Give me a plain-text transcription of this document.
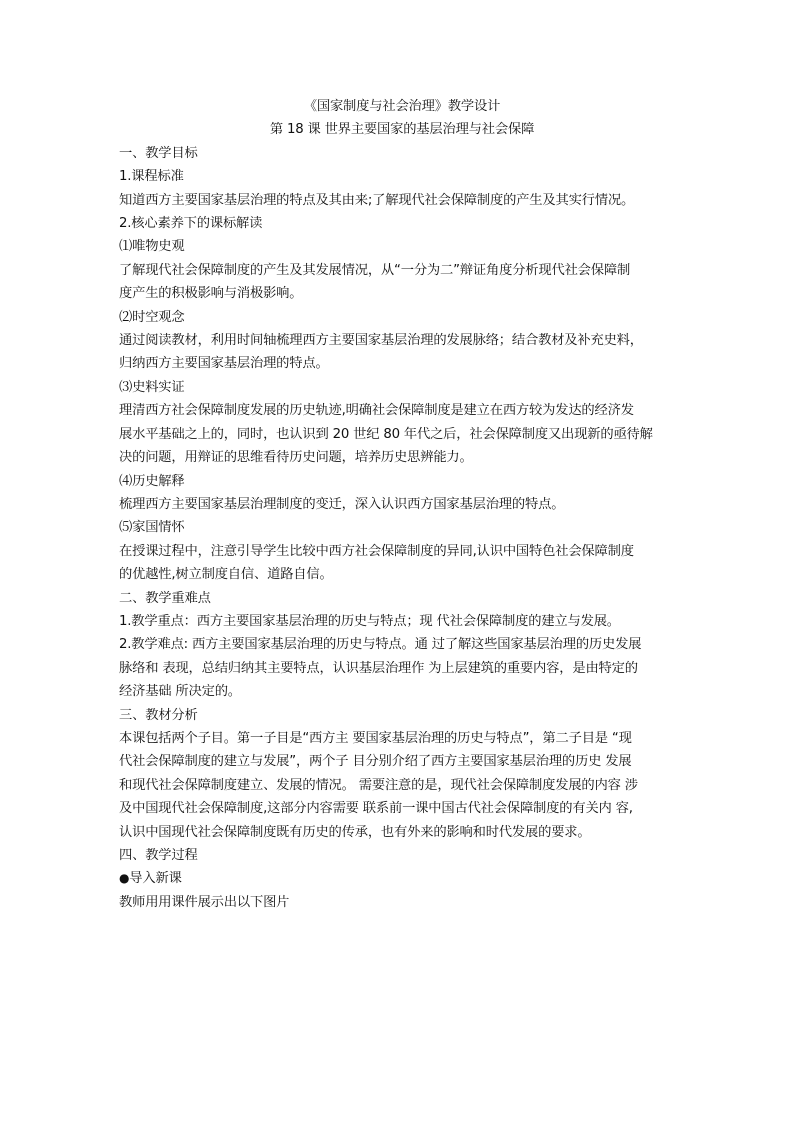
《国家制度与社会治理》教学设计
第 18 课 世界主要国家的基层治理与社会保障
一、教学目标
1.课程标准
知道西方主要国家基层治理的特点及其由来;了解现代社会保障制度的产生及其实行情况。
2.核心素养下的课标解读
⑴唯物史观
了解现代社会保障制度的产生及其发展情况，从“一分为二”辩证角度分析现代社会保障制
度产生的积极影响与消极影响。
⑵时空观念
通过阅读教材，利用时间轴梳理西方主要国家基层治理的发展脉络；结合教材及补充史料，
归纳西方主要国家基层治理的特点。
⑶史料实证
理清西方社会保障制度发展的历史轨迹,明确社会保障制度是建立在西方较为发达的经济发
展水平基础之上的，同时，也认识到 20 世纪 80 年代之后，社会保障制度又出现新的亟待解
决的问题，用辩证的思维看待历史问题，培养历史思辨能力。
⑷历史解释
梳理西方主要国家基层治理制度的变迁，深入认识西方国家基层治理的特点。
⑸家国情怀
在授课过程中，注意引导学生比较中西方社会保障制度的异同,认识中国特色社会保障制度
的优越性,树立制度自信、道路自信。
二、教学重难点
1.教学重点：西方主要国家基层治理的历史与特点；现 代社会保障制度的建立与发展。
2.教学难点: 西方主要国家基层治理的历史与特点。通 过了解这些国家基层治理的历史发展
脉络和 表现，总结归纳其主要特点，认识基层治理作 为上层建筑的重要内容，是由特定的
经济基础 所决定的。
三、教材分析
本课包括两个子目。第一子目是“西方主 要国家基层治理的历史与特点”，第二子目是 “现
代社会保障制度的建立与发展”，两个子 目分别介绍了西方主要国家基层治理的历史 发展
和现代社会保障制度建立、发展的情况。 需要注意的是，现代社会保障制度发展的内容 涉
及中国现代社会保障制度,这部分内容需要 联系前一课中国古代社会保障制度的有关内 容,
认识中国现代社会保障制度既有历史的传承，也有外来的影响和时代发展的要求。
四、教学过程
●导入新课
教师用用课件展示出以下图片
